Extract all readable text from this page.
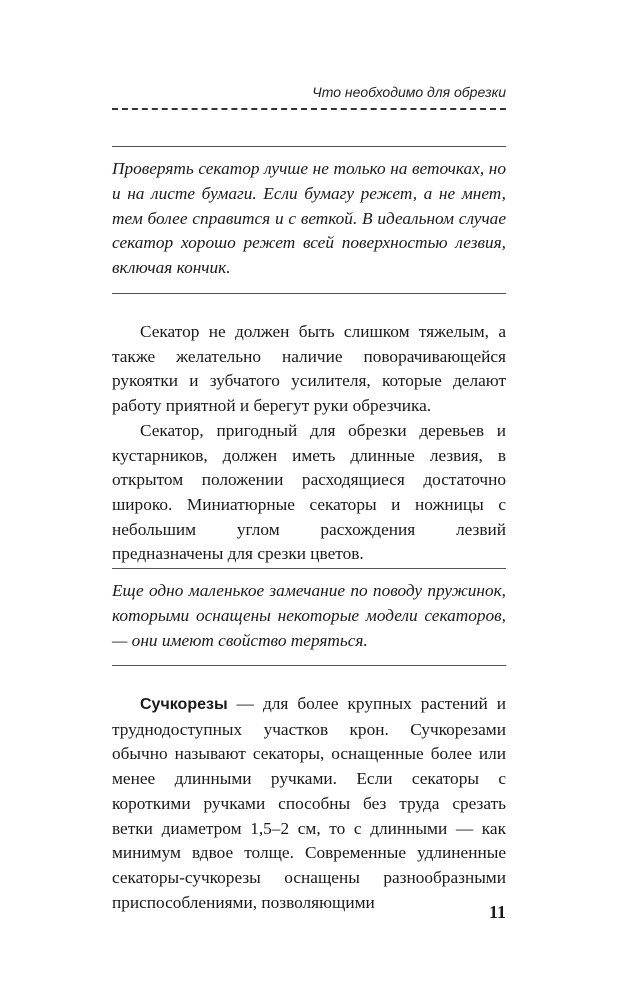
Что необходимо для обрезки

Проверять секатор лучше не только на веточках, но и на листе бумаги. Если бумагу режет, а не мнет, тем более справится и с веткой. В идеальном случае секатор хорошо режет всей поверхностью лезвия, включая кончик.

Секатор не должен быть слишком тяжелым, а также желательно наличие поворачивающейся рукоятки и зубчатого усилителя, которые делают работу приятной и берегут руки обрезчика.

Секатор, пригодный для обрезки деревьев и кустарников, должен иметь длинные лезвия, в открытом положении расходящиеся достаточно широко. Миниатюрные секаторы и ножницы с небольшим углом расхождения лезвий предназначены для срезки цветов.

Еще одно маленькое замечание по поводу пружинок, которыми оснащены некоторые модели секаторов, — они имеют свойство теряться.

Сучкорезы — для более крупных растений и труднодоступных участков крон. Сучкорезами обычно называют секаторы, оснащенные более или менее длинными ручками. Если секаторы с короткими ручками способны без труда срезать ветки диаметром 1,5–2 см, то с длинными — как минимум вдвое толще. Современные удлиненные секаторы-сучкорезы оснащены разнообразными приспособлениями, позволяющими	11
